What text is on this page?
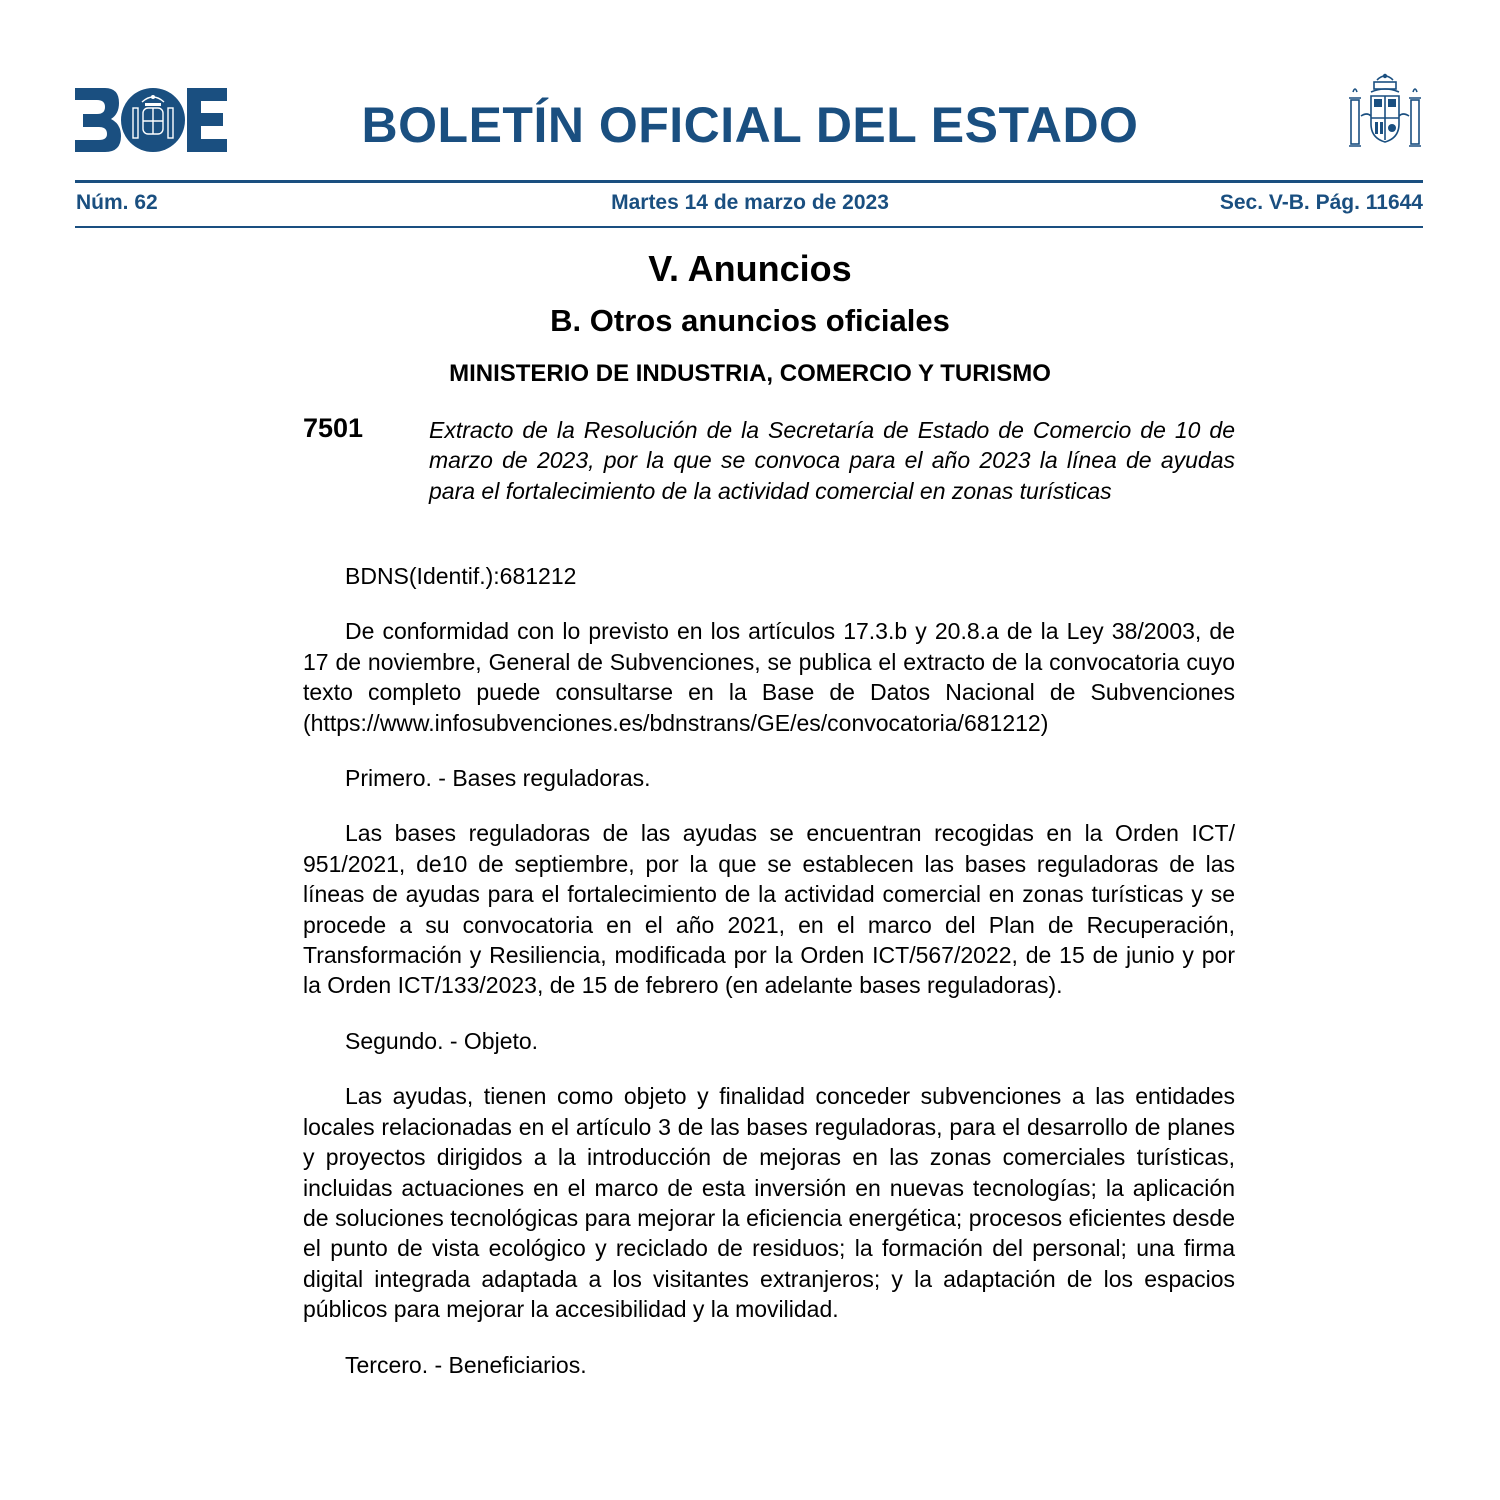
BOLETÍN OFICIAL DEL ESTADO
Núm. 62	Martes 14 de marzo de 2023	Sec. V-B. Pág. 11644
V. Anuncios
B. Otros anuncios oficiales
MINISTERIO DE INDUSTRIA, COMERCIO Y TURISMO
7501	Extracto de la Resolución de la Secretaría de Estado de Comercio de 10 de marzo de 2023, por la que se convoca para el año 2023 la línea de ayudas para el fortalecimiento de la actividad comercial en zonas turísticas

BDNS(Identif.):681212

De conformidad con lo previsto en los artículos 17.3.b y 20.8.a de la Ley 38/2003, de 17 de noviembre, General de Subvenciones, se publica el extracto de la convocatoria cuyo texto completo puede consultarse en la Base de Datos Nacional de Subvenciones (https://www.infosubvenciones.es/bdnstrans/GE/es/convocatoria/681212)

Primero. - Bases reguladoras.

Las bases reguladoras de las ayudas se encuentran recogidas en la Orden ICT/ 951/2021, de10 de septiembre, por la que se establecen las bases reguladoras de las líneas de ayudas para el fortalecimiento de la actividad comercial en zonas turísticas y se procede a su convocatoria en el año 2021, en el marco del Plan de Recuperación, Transformación y Resiliencia, modificada por la Orden ICT/567/2022, de 15 de junio y por la Orden ICT/133/2023, de 15 de febrero (en adelante bases reguladoras).

Segundo. - Objeto.

Las ayudas, tienen como objeto y finalidad conceder subvenciones a las entidades locales relacionadas en el artículo 3 de las bases reguladoras, para el desarrollo de planes y proyectos dirigidos a la introducción de mejoras en las zonas comerciales turísticas, incluidas actuaciones en el marco de esta inversión en nuevas tecnologías; la aplicación de soluciones tecnológicas para mejorar la eficiencia energética; procesos eficientes desde el punto de vista ecológico y reciclado de residuos; la formación del personal; una firma digital integrada adaptada a los visitantes extranjeros; y la adaptación de los espacios públicos para mejorar la accesibilidad y la movilidad.

Tercero. - Beneficiarios.
